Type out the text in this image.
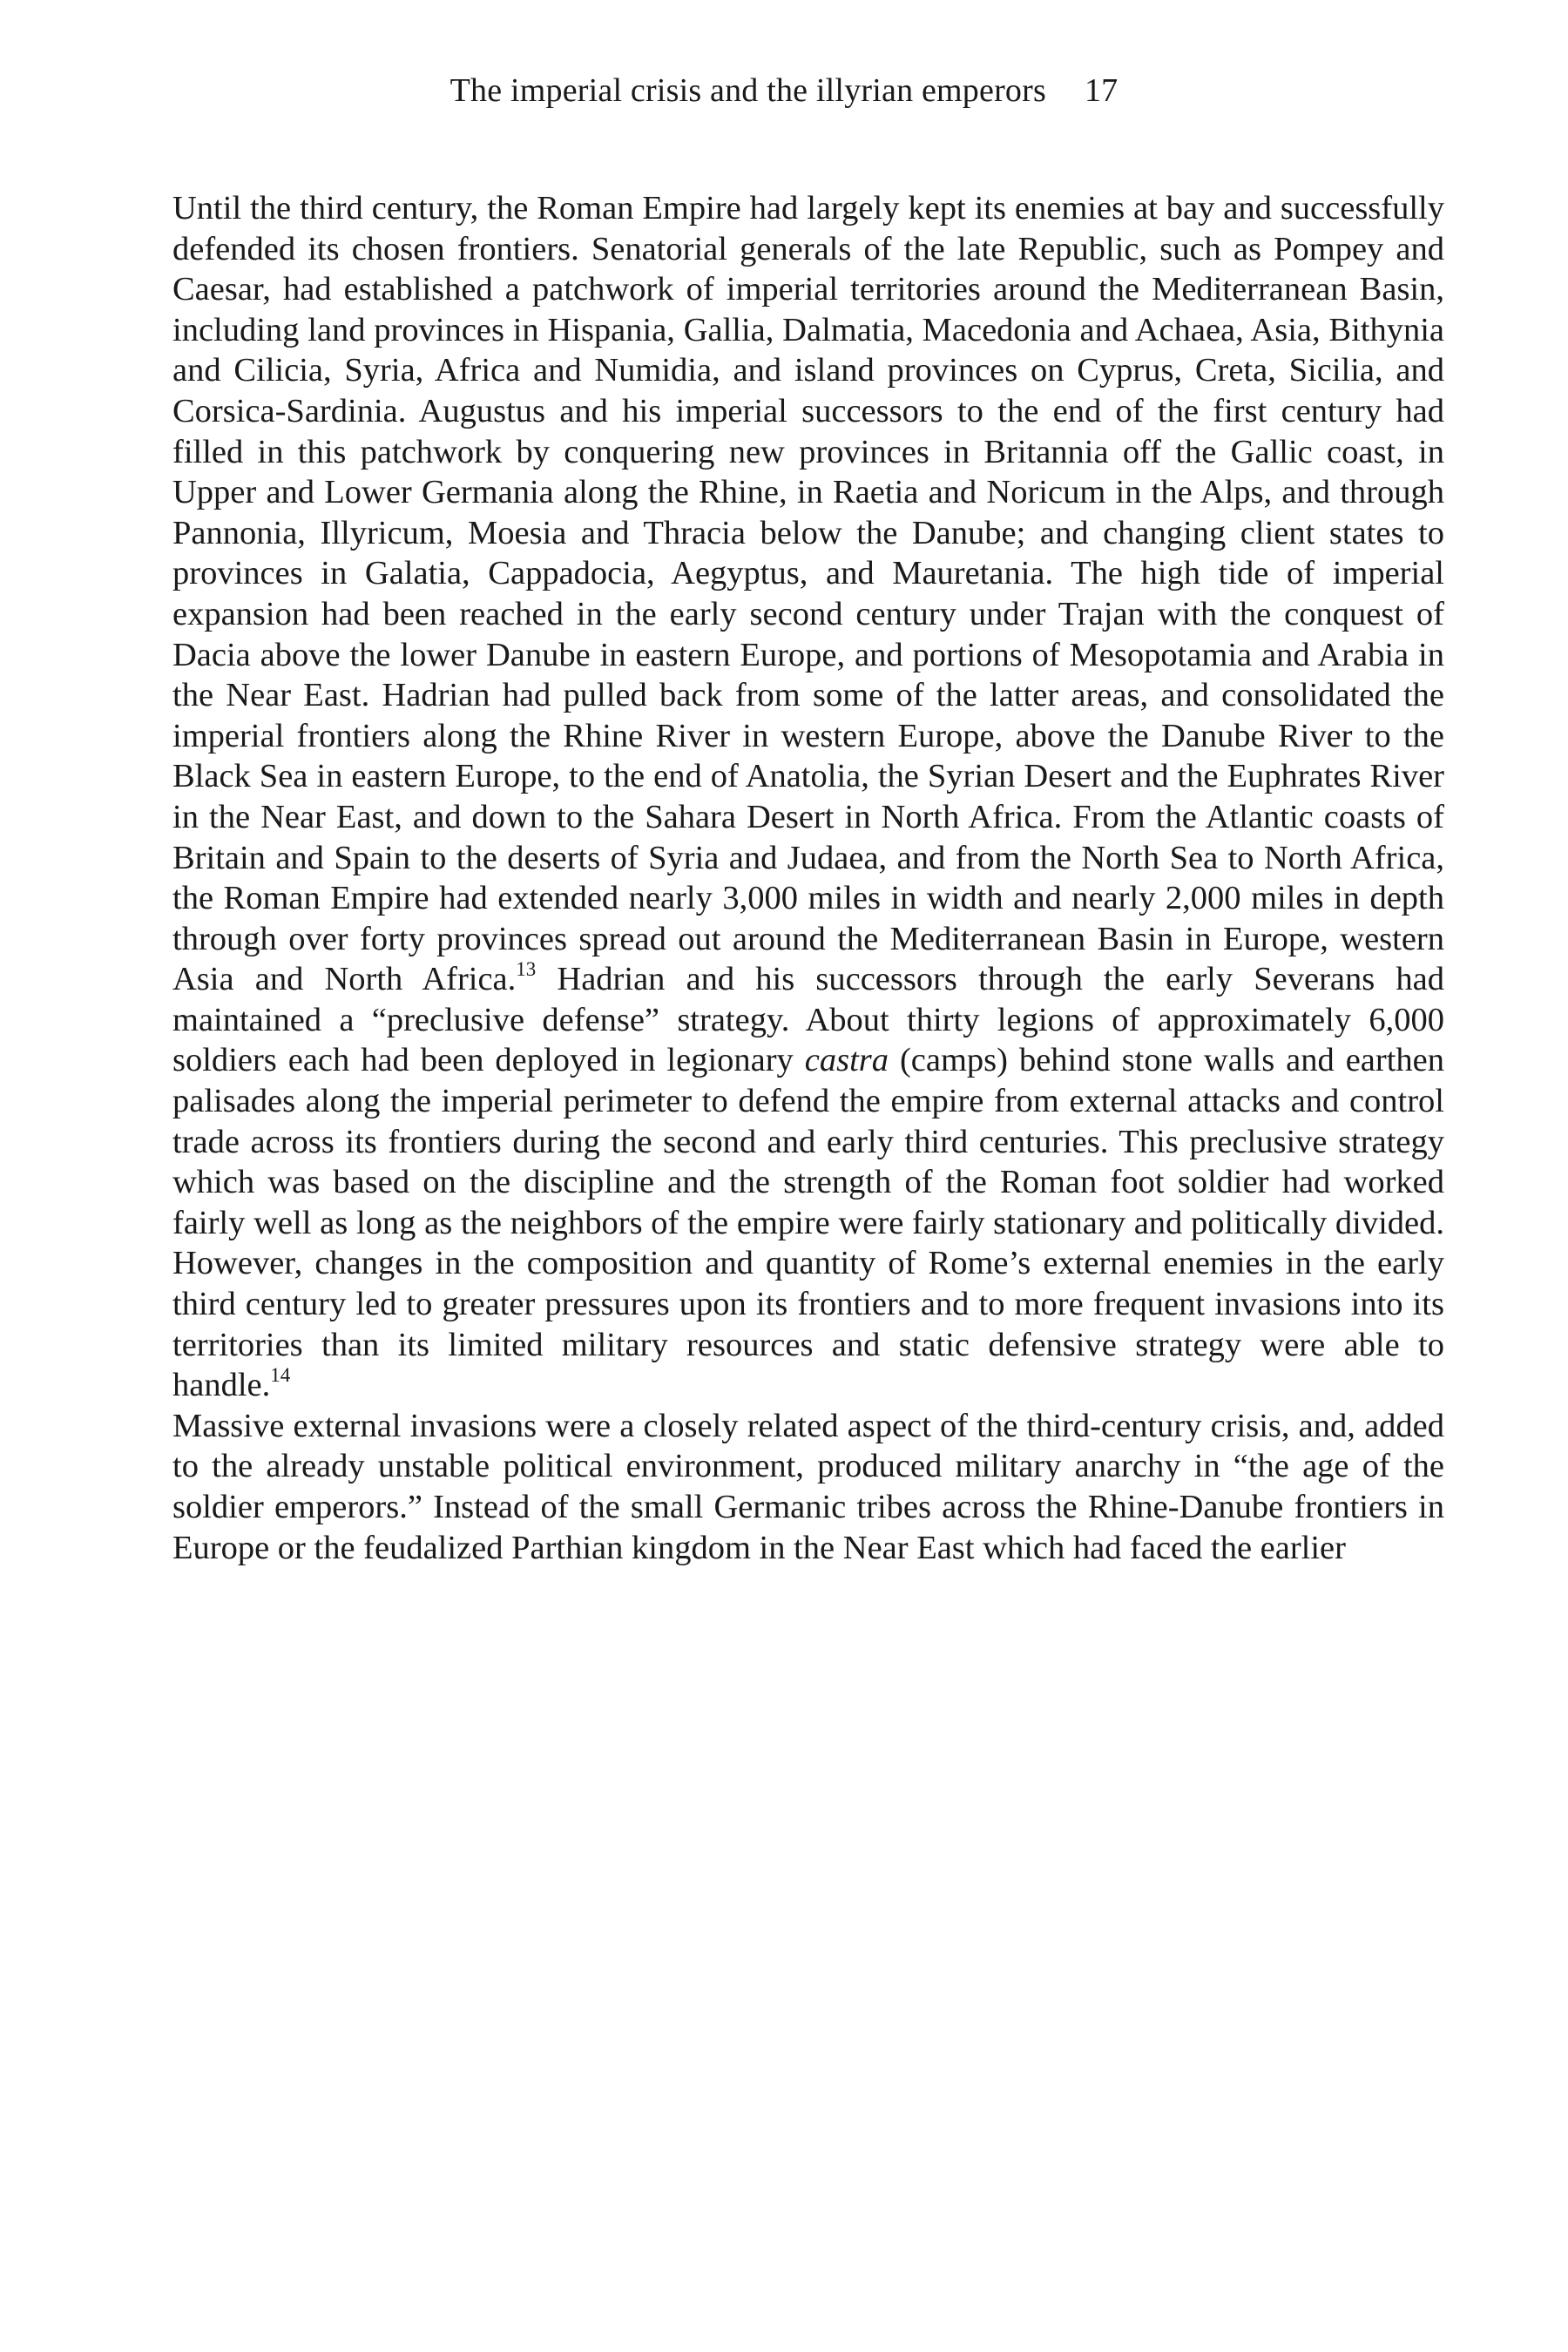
The imperial crisis and the illyrian emperors 17

Until the third century, the Roman Empire had largely kept its enemies at bay and successfully defended its chosen frontiers. Senatorial generals of the late Republic, such as Pompey and Caesar, had established a patchwork of imperial territories around the Mediterranean Basin, including land provinces in Hispania, Gallia, Dalmatia, Macedonia and Achaea, Asia, Bithynia and Cilicia, Syria, Africa and Numidia, and island provinces on Cyprus, Creta, Sicilia, and Corsica-Sardinia. Augustus and his imperial successors to the end of the first century had filled in this patchwork by conquering new provinces in Britannia off the Gallic coast, in Upper and Lower Germania along the Rhine, in Raetia and Noricum in the Alps, and through Pannonia, Illyricum, Moesia and Thracia below the Danube; and changing client states to provinces in Galatia, Cappadocia, Aegyptus, and Mauretania. The high tide of imperial expansion had been reached in the early second century under Trajan with the conquest of Dacia above the lower Danube in eastern Europe, and portions of Mesopotamia and Arabia in the Near East. Hadrian had pulled back from some of the latter areas, and consolidated the imperial frontiers along the Rhine River in western Europe, above the Danube River to the Black Sea in eastern Europe, to the end of Anatolia, the Syrian Desert and the Euphrates River in the Near East, and down to the Sahara Desert in North Africa. From the Atlantic coasts of Britain and Spain to the deserts of Syria and Judaea, and from the North Sea to North Africa, the Roman Empire had extended nearly 3,000 miles in width and nearly 2,000 miles in depth through over forty provinces spread out around the Mediterranean Basin in Europe, western Asia and North Africa.$^{13}$ Hadrian and his successors through the early Severans had maintained a “preclusive defense” strategy. About thirty legions of approximately 6,000 soldiers each had been deployed in legionary castra (camps) behind stone walls and earthen palisades along the imperial perimeter to defend the empire from external attacks and control trade across its frontiers during the second and early third centuries. This preclusive strategy which was based on the discipline and the strength of the Roman foot soldier had worked fairly well as long as the neighbors of the empire were fairly stationary and politically divided. However, changes in the composition and quantity of Rome’s external enemies in the early third century led to greater pressures upon its frontiers and to more frequent invasions into its territories than its limited military resources and static defensive strategy were able to handle.$^{14}$

Massive external invasions were a closely related aspect of the third-century crisis, and, added to the already unstable political environment, produced military anarchy in “the age of the soldier emperors.” Instead of the small Germanic tribes across the Rhine-Danube frontiers in Europe or the feudalized Parthian kingdom in the Near East which had faced the earlier
